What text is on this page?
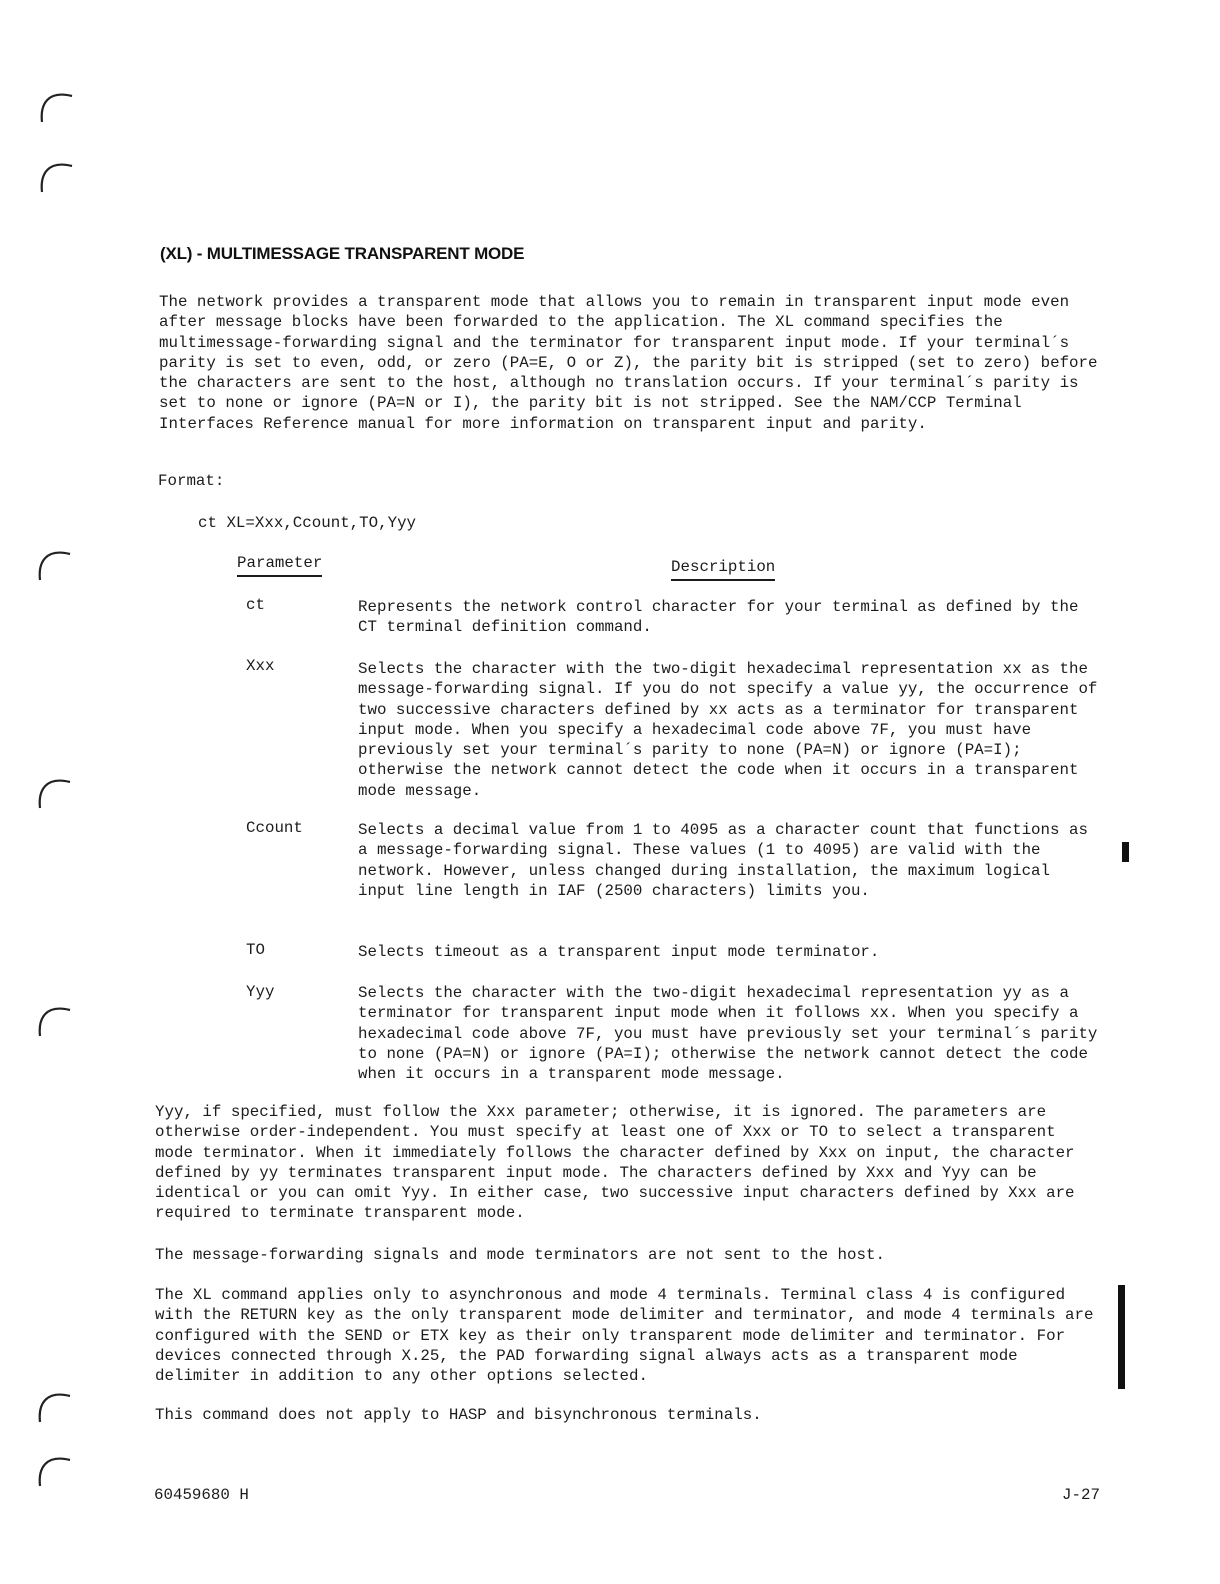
(XL) - MULTIMESSAGE TRANSPARENT MODE

The network provides a transparent mode that allows you to remain in transparent input mode even after message blocks have been forwarded to the application. The XL command specifies the multimessage-forwarding signal and the terminator for transparent input mode. If your terminal´s parity is set to even, odd, or zero (PA=E, O or Z), the parity bit is stripped (set to zero) before the characters are sent to the host, although no translation occurs. If your terminal´s parity is set to none or ignore (PA=N or I), the parity bit is not stripped. See the NAM/CCP Terminal Interfaces Reference manual for more information on transparent input and parity.

Format:

ct XL=Xxx,Ccount,TO,Yyy

Parameter	Description

ct	Represents the network control character for your terminal as defined by the CT terminal definition command.

Xxx	Selects the character with the two-digit hexadecimal representation xx as the message-forwarding signal. If you do not specify a value yy, the occurrence of two successive characters defined by xx acts as a terminator for transparent input mode. When you specify a hexadecimal code above 7F, you must have previously set your terminal´s parity to none (PA=N) or ignore (PA=I); otherwise the network cannot detect the code when it occurs in a transparent mode message.

Ccount	Selects a decimal value from 1 to 4095 as a character count that functions as a message-forwarding signal. These values (1 to 4095) are valid with the network. However, unless changed during installation, the maximum logical input line length in IAF (2500 characters) limits you.

TO	Selects timeout as a transparent input mode terminator.

Yyy	Selects the character with the two-digit hexadecimal representation yy as a terminator for transparent input mode when it follows xx. When you specify a hexadecimal code above 7F, you must have previously set your terminal´s parity to none (PA=N) or ignore (PA=I); otherwise the network cannot detect the code when it occurs in a transparent mode message.

Yyy, if specified, must follow the Xxx parameter; otherwise, it is ignored. The parameters are otherwise order-independent. You must specify at least one of Xxx or TO to select a transparent mode terminator. When it immediately follows the character defined by Xxx on input, the character defined by yy terminates transparent input mode. The characters defined by Xxx and Yyy can be identical or you can omit Yyy. In either case, two successive input characters defined by Xxx are required to terminate transparent mode.

The message-forwarding signals and mode terminators are not sent to the host.

The XL command applies only to asynchronous and mode 4 terminals. Terminal class 4 is configured with the RETURN key as the only transparent mode delimiter and terminator, and mode 4 terminals are configured with the SEND or ETX key as their only transparent mode delimiter and terminator. For devices connected through X.25, the PAD forwarding signal always acts as a transparent mode delimiter in addition to any other options selected.

This command does not apply to HASP and bisynchronous terminals.

60459680 H	J-27
